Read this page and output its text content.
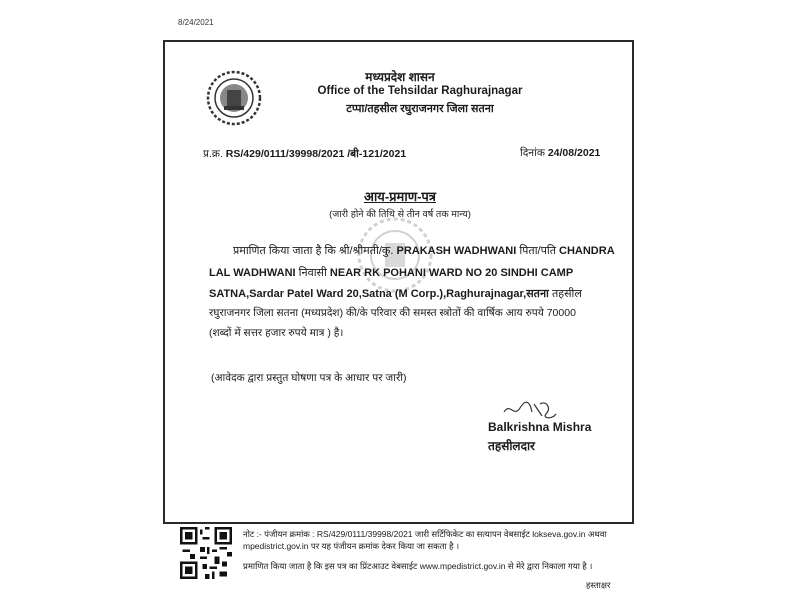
8/24/2021
मध्यप्रदेश शासन
Office of the Tehsildar Raghurajnagar
टप्पा/तहसील रघुराजनगर जिला सतना
प्र.क्र. RS/429/0111/39998/2021 /बी-121/2021	दिनांक 24/08/2021
आय-प्रमाण-पत्र
(जारी होने की तिथि से तीन वर्ष तक मान्य)
प्रमाणित किया जाता है कि श्री/श्रीमती/कु. PRAKASH WADHWANI पिता/पति CHANDRA
LAL WADHWANI निवासी NEAR RK POHANI WARD NO 20 SINDHI CAMP
SATNA,Sardar Patel Ward 20,Satna (M Corp.),Raghurajnagar,सतना तहसील
रघुराजनगर जिला सतना (मध्यप्रदेश) की/के परिवार की समस्त स्त्रोतों की वार्षिक आय रुपये 70000
(शब्दों में सत्तर हजार रुपये मात्र ) है।
(आवेदक द्वारा प्रस्तुत घोषणा पत्र के आधार पर जारी)
Balkrishna Mishra
तहसीलदार
नोट :- पंजीयन क्रमांक : RS/429/0111/39998/2021 जारी सर्टिफिकेट का सत्यापन वेबसाईट lokseva.gov.in अथवा
mpedistrict.gov.in पर यह पंजीयन क्रमांक देकर किया जा सकता है ।
प्रमाणित किया जाता है कि इस पत्र का प्रिंटआउट वेबसाईट www.mpedistrict.gov.in से मेरे द्वारा निकाला गया है ।
हस्ताक्षर
